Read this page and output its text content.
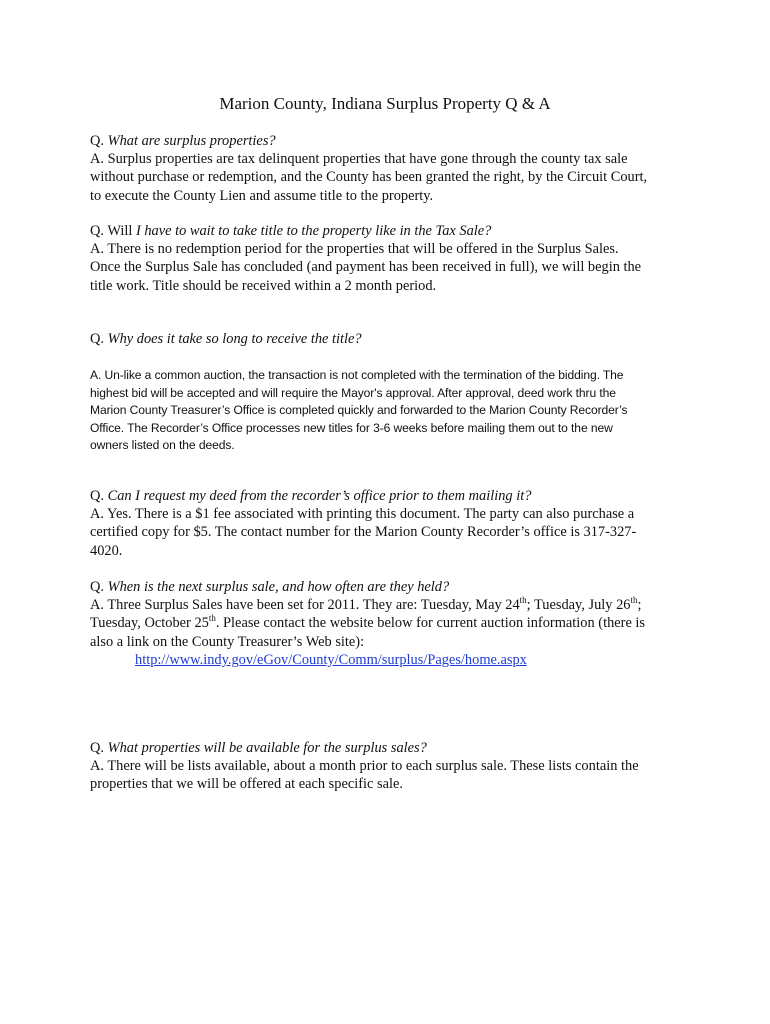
Marion County, Indiana Surplus Property Q & A

Q. What are surplus properties?

A. Surplus properties are tax delinquent properties that have gone through the county tax sale

without purchase or redemption, and the County has been granted the right, by the Circuit Court,

to execute the County Lien and assume title to the property.

Q. Will I have to wait to take title to the property like in the Tax Sale?

A. There is no redemption period for the properties that will be offered in the Surplus Sales.

Once the Surplus Sale has concluded (and payment has been received in full), we will begin the

title work. Title should be received within a 2 month period.

Q. Why does it take so long to receive the title?

A. Un-like a common auction, the transaction is not completed with the termination of the bidding. The

highest bid will be accepted and will require the Mayor's approval. After approval, deed work thru the

Marion County Treasurer’s Office is completed quickly and forwarded to the Marion County Recorder’s

Office. The Recorder’s Office processes new titles for 3-6 weeks before mailing them out to the new

owners listed on the deeds.

Q. Can I request my deed from the recorder’s office prior to them mailing it?

A. Yes. There is a $1 fee associated with printing this document. The party can also purchase a

certified copy for $5. The contact number for the Marion County Recorder’s office is 317-327-

4020.

Q. When is the next surplus sale, and how often are they held?

A. Three Surplus Sales have been set for 2011. They are: Tuesday, May 24th; Tuesday, July 26th;

Tuesday, October 25th. Please contact the website below for current auction information (there is

also a link on the County Treasurer’s Web site):

http://www.indy.gov/eGov/County/Comm/surplus/Pages/home.aspx

Q. What properties will be available for the surplus sales?

A. There will be lists available, about a month prior to each surplus sale. These lists contain the

properties that we will be offered at each specific sale.
